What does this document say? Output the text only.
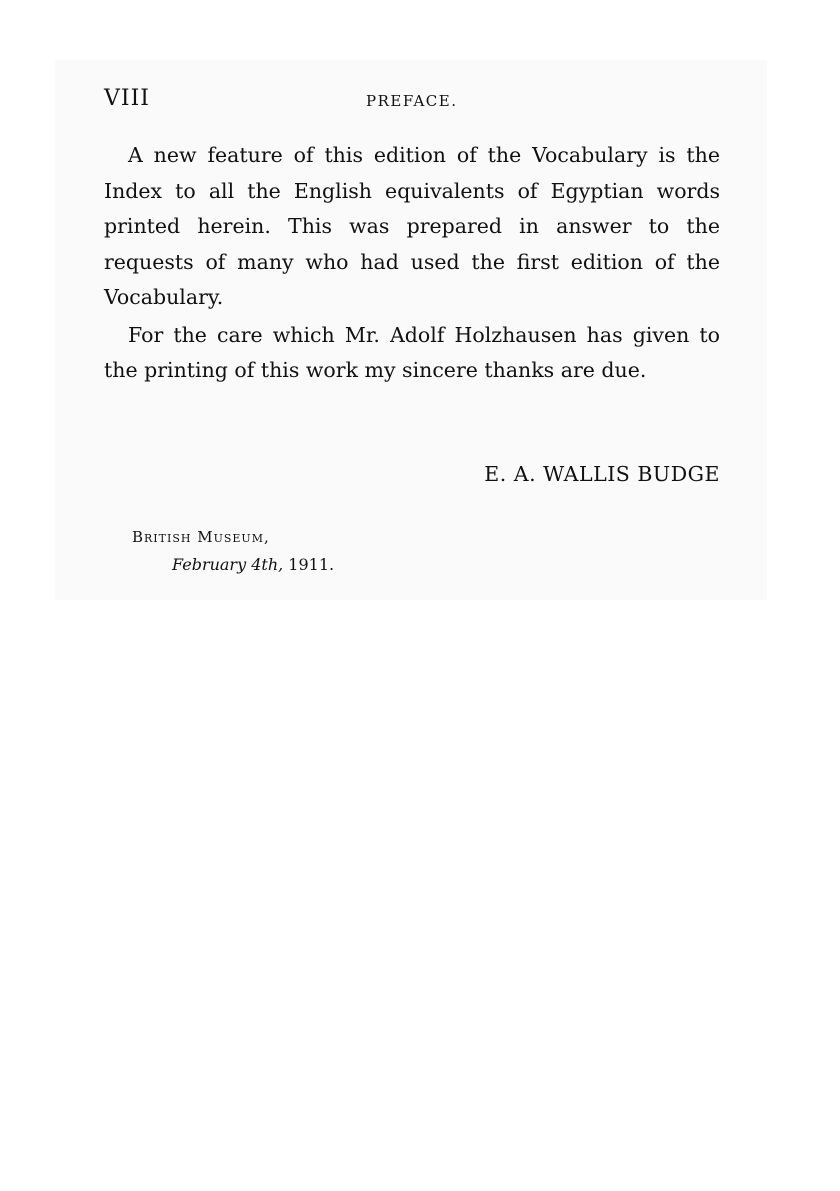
VIII	PREFACE.

A new feature of this edition of the Vocabulary is the Index to all the English equivalents of Egyptian words printed herein. This was prepared in answer to the requests of many who had used the first edition of the Vocabulary.

For the care which Mr. Adolf Holzhausen has given to the printing of this work my sincere thanks are due.

E. A. WALLIS BUDGE
British Museum,
February 4th, 1911.
